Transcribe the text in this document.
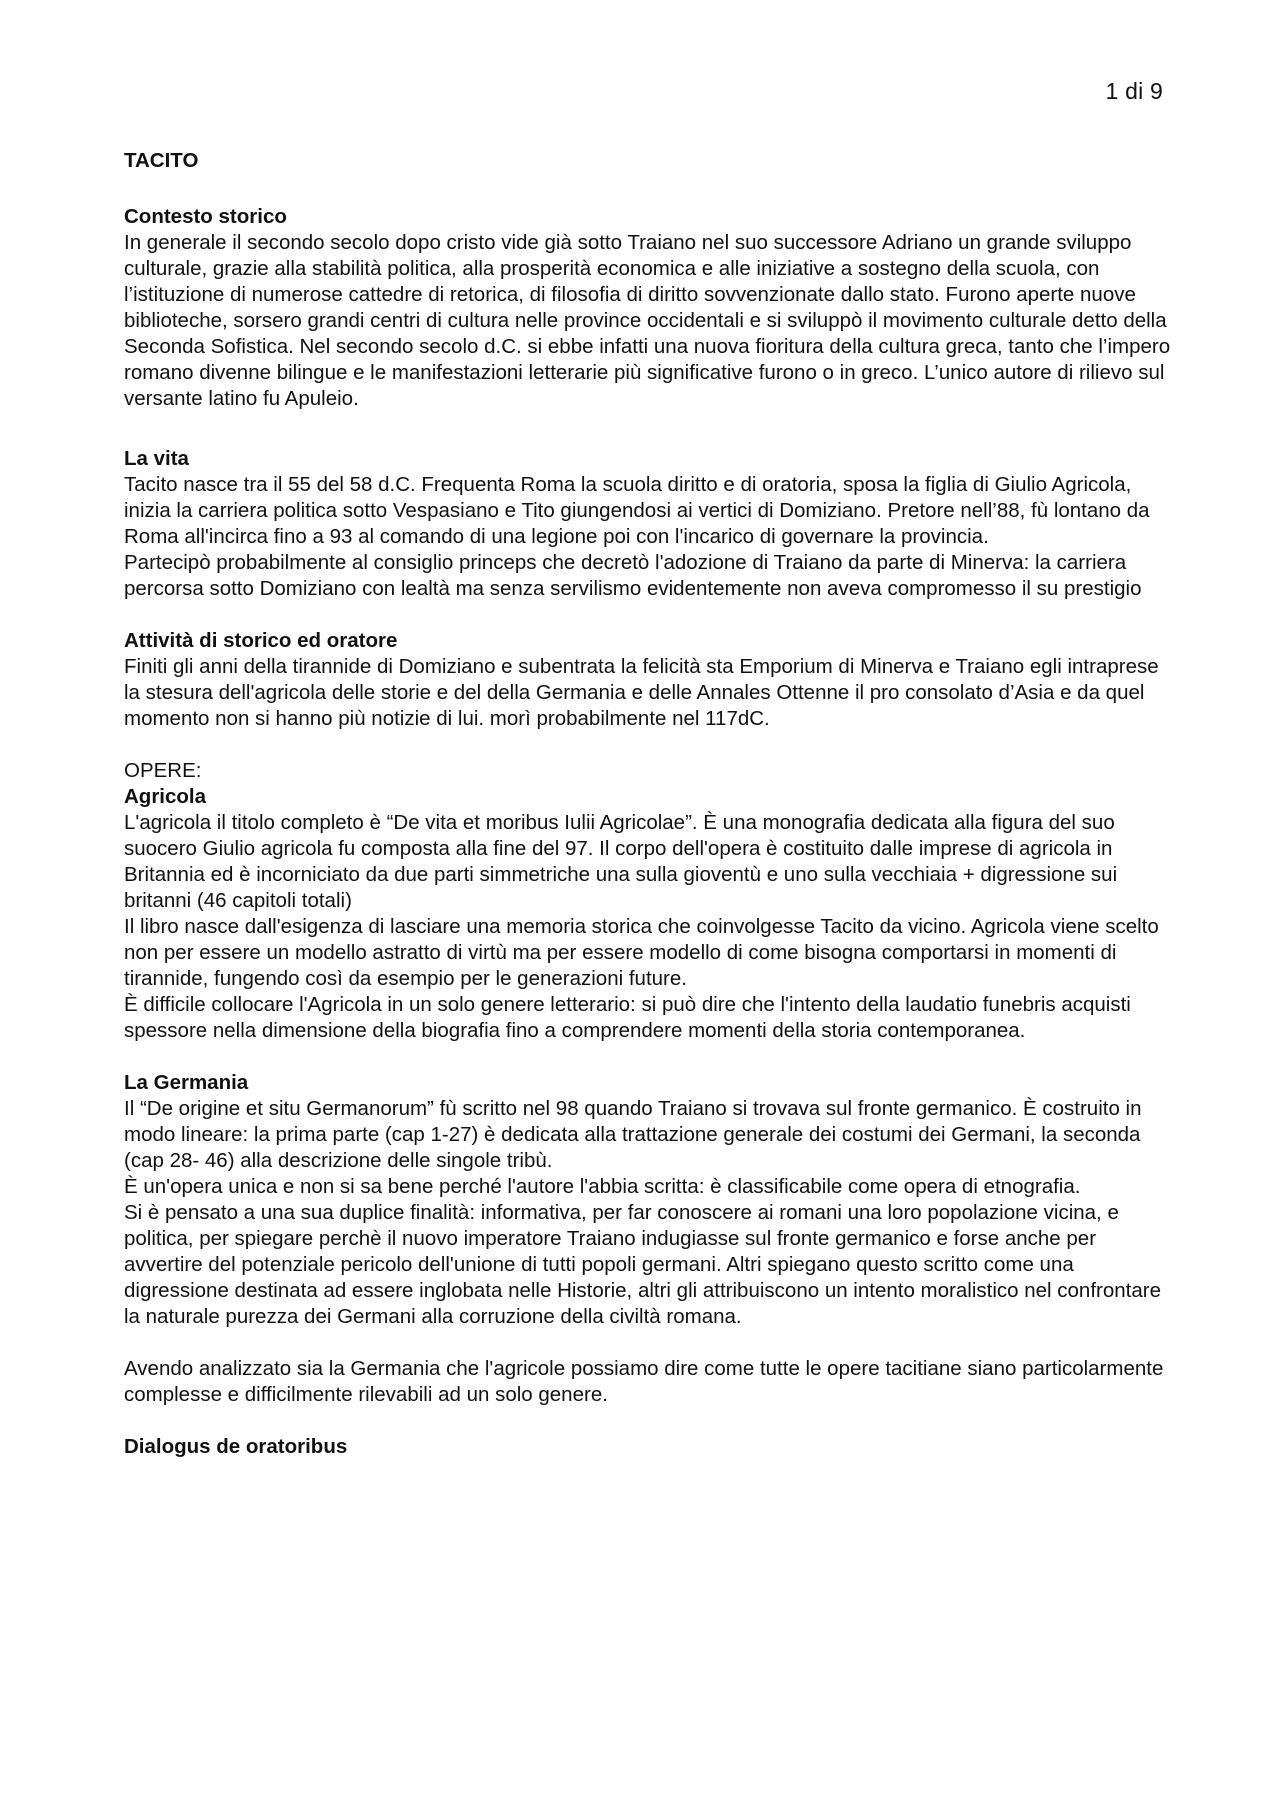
1 di 9
TACITO
Contesto storico

In generale il secondo secolo dopo cristo vide già sotto Traiano nel suo successore Adriano un grande sviluppo culturale, grazie alla stabilità politica, alla prosperità economica e alle iniziative a sostegno della scuola, con l’istituzione di numerose cattedre di retorica, di filosofia di diritto sovvenzionate dallo stato. Furono aperte nuove biblioteche, sorsero grandi centri di cultura nelle province occidentali e si sviluppò il movimento culturale detto della Seconda Sofistica. Nel secondo secolo d.C. si ebbe infatti una nuova fioritura della cultura greca, tanto che l’impero romano divenne bilingue e le manifestazioni letterarie più significative furono o in greco. L’unico autore di rilievo sul versante latino fu Apuleio.

La vita

Tacito nasce tra il 55 del 58 d.C. Frequenta Roma la scuola diritto e di oratoria, sposa la figlia di Giulio Agricola, inizia la carriera politica sotto Vespasiano e Tito giungendosi ai vertici di Domiziano. Pretore nell’88, fù lontano da Roma all'incirca fino a 93 al comando di una legione poi con l'incarico di governare la provincia.

Partecipò probabilmente al consiglio princeps che decretò l'adozione di Traiano da parte di Minerva: la carriera percorsa sotto Domiziano con lealtà ma senza servilismo evidentemente non aveva compromesso il su prestigio

Attività di storico ed oratore

Finiti gli anni della tirannide di Domiziano e subentrata la felicità sta Emporium di Minerva e Traiano egli intraprese la stesura dell'agricola delle storie e del della Germania e delle Annales Ottenne il pro consolato d’Asia e da quel momento non si hanno più notizie di lui. morì probabilmente nel 117dC.

OPERE:
Agricola

L'agricola il titolo completo è “De vita et moribus Iulii Agricolae”. È una monografia dedicata alla figura del suo suocero Giulio agricola fu composta alla fine del 97. Il corpo dell'opera è costituito dalle imprese di agricola in Britannia ed è incorniciato da due parti simmetriche una sulla gioventù e uno sulla vecchiaia + digressione sui britanni (46 capitoli totali)

Il libro nasce dall'esigenza di lasciare una memoria storica che coinvolgesse Tacito da vicino. Agricola viene scelto non per essere un modello astratto di virtù ma per essere modello di come bisogna comportarsi in momenti di tirannide, fungendo così da esempio per le generazioni future.

È difficile collocare l'Agricola in un solo genere letterario: si può dire che l'intento della laudatio funebris acquisti spessore nella dimensione della biografia fino a comprendere momenti della storia contemporanea.

La Germania

Il “De origine et situ Germanorum” fù scritto nel 98 quando Traiano si trovava sul fronte germanico. È costruito in modo lineare: la prima parte (cap 1-27) è dedicata alla trattazione generale dei costumi dei Germani, la seconda (cap 28- 46) alla descrizione delle singole tribù.

È un'opera unica e non si sa bene perché l'autore l'abbia scritta: è classificabile come opera di etnografia.

Si è pensato a una sua duplice finalità: informativa, per far conoscere ai romani una loro popolazione vicina, e politica, per spiegare perchè il nuovo imperatore Traiano indugiasse sul fronte germanico e forse anche per avvertire del potenziale pericolo dell'unione di tutti popoli germani. Altri spiegano questo scritto come una digressione destinata ad essere inglobata nelle Historie, altri gli attribuiscono un intento moralistico nel confrontare la naturale purezza dei Germani alla corruzione della civiltà romana.

Avendo analizzato sia la Germania che l'agricole possiamo dire come tutte le opere tacitiane siano particolarmente complesse e difficilmente rilevabili ad un solo genere.

Dialogus de oratoribus
